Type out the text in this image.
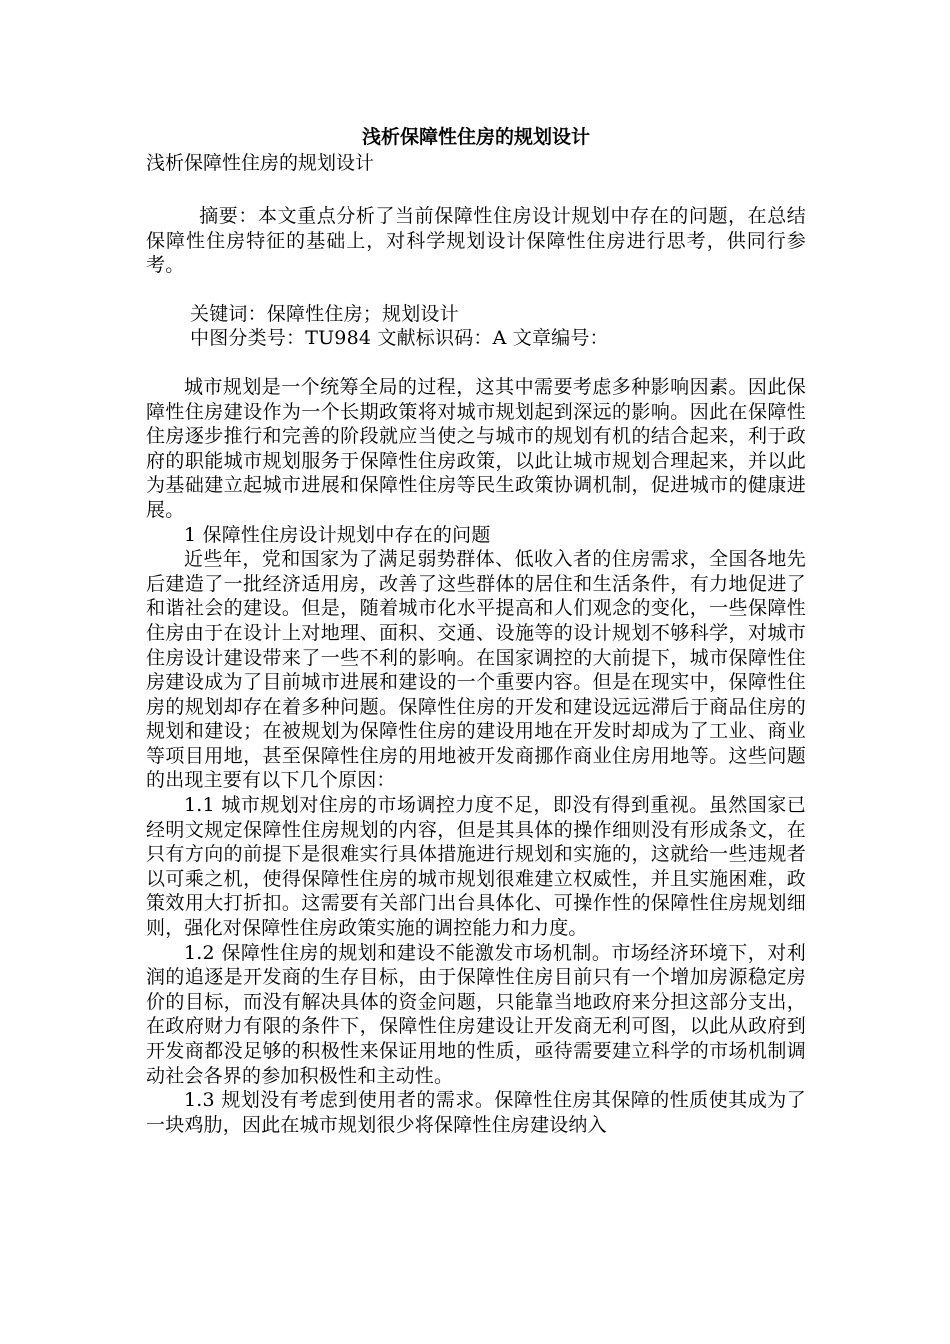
浅析保障性住房的规划设计
浅析保障性住房的规划设计

摘要：本文重点分析了当前保障性住房设计规划中存在的问题，在总结保障性住房特征的基础上，对科学规划设计保障性住房进行思考，供同行参考。

关键词：保障性住房；规划设计

中图分类号：TU984 文献标识码：A 文章编号：

城市规划是一个统筹全局的过程，这其中需要考虑多种影响因素。因此保障性住房建设作为一个长期政策将对城市规划起到深远的影响。因此在保障性住房逐步推行和完善的阶段就应当使之与城市的规划有机的结合起来，利于政府的职能城市规划服务于保障性住房政策，以此让城市规划合理起来，并以此为基础建立起城市进展和保障性住房等民生政策协调机制，促进城市的健康进展。

1 保障性住房设计规划中存在的问题

近些年，党和国家为了满足弱势群体、低收入者的住房需求，全国各地先后建造了一批经济适用房，改善了这些群体的居住和生活条件，有力地促进了和谐社会的建设。但是，随着城市化水平提高和人们观念的变化，一些保障性住房由于在设计上对地理、面积、交通、设施等的设计规划不够科学，对城市住房设计建设带来了一些不利的影响。在国家调控的大前提下，城市保障性住房建设成为了目前城市进展和建设的一个重要内容。但是在现实中，保障性住房的规划却存在着多种问题。保障性住房的开发和建设远远滞后于商品住房的规划和建设；在被规划为保障性住房的建设用地在开发时却成为了工业、商业等项目用地，甚至保障性住房的用地被开发商挪作商业住房用地等。这些问题的出现主要有以下几个原因：

1.1 城市规划对住房的市场调控力度不足，即没有得到重视。虽然国家已经明文规定保障性住房规划的内容，但是其具体的操作细则没有形成条文，在只有方向的前提下是很难实行具体措施进行规划和实施的，这就给一些违规者以可乘之机，使得保障性住房的城市规划很难建立权威性，并且实施困难，政策效用大打折扣。这需要有关部门出台具体化、可操作性的保障性住房规划细则，强化对保障性住房政策实施的调控能力和力度。

1.2 保障性住房的规划和建设不能激发市场机制。市场经济环境下，对利润的追逐是开发商的生存目标，由于保障性住房目前只有一个增加房源稳定房价的目标，而没有解决具体的资金问题，只能靠当地政府来分担这部分支出，在政府财力有限的条件下，保障性住房建设让开发商无利可图，以此从政府到开发商都没足够的积极性来保证用地的性质，亟待需要建立科学的市场机制调动社会各界的参加积极性和主动性。

1.3 规划没有考虑到使用者的需求。保障性住房其保障的性质使其成为了一块鸡肋，因此在城市规划很少将保障性住房建设纳入
